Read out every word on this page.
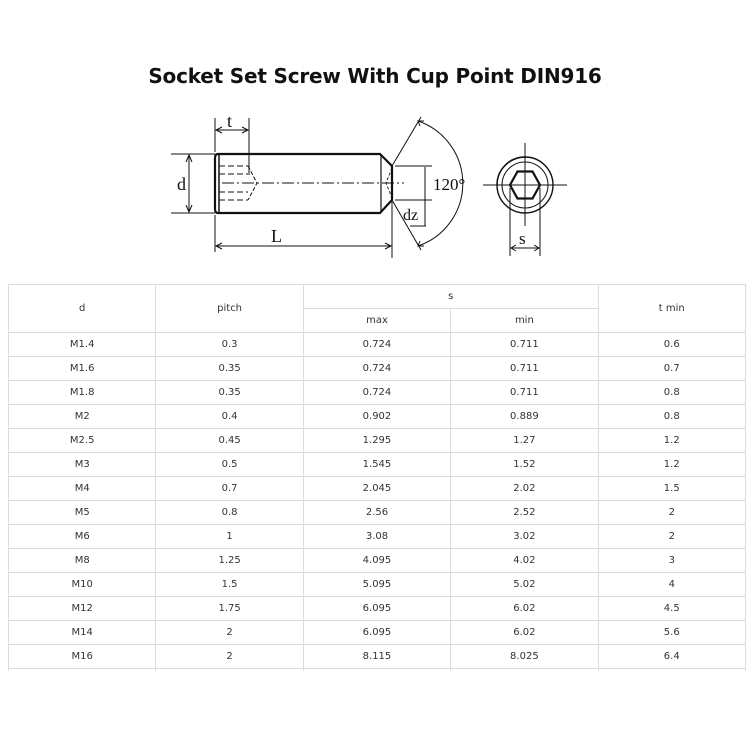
Socket Set Screw With Cup Point DIN916
t
d
L
dz
120°
s
d	pitch	s		t min
		max	min	
M1.4	0.3	0.724	0.711	0.6
M1.6	0.35	0.724	0.711	0.7
M1.8	0.35	0.724	0.711	0.8
M2	0.4	0.902	0.889	0.8
M2.5	0.45	1.295	1.27	1.2
M3	0.5	1.545	1.52	1.2
M4	0.7	2.045	2.02	1.5
M5	0.8	2.56	2.52	2
M6	1	3.08	3.02	2
M8	1.25	4.095	4.02	3
M10	1.5	5.095	5.02	4
M12	1.75	6.095	6.02	4.5
M14	2	6.095	6.02	5.6
M16	2	8.115	8.025	6.4
